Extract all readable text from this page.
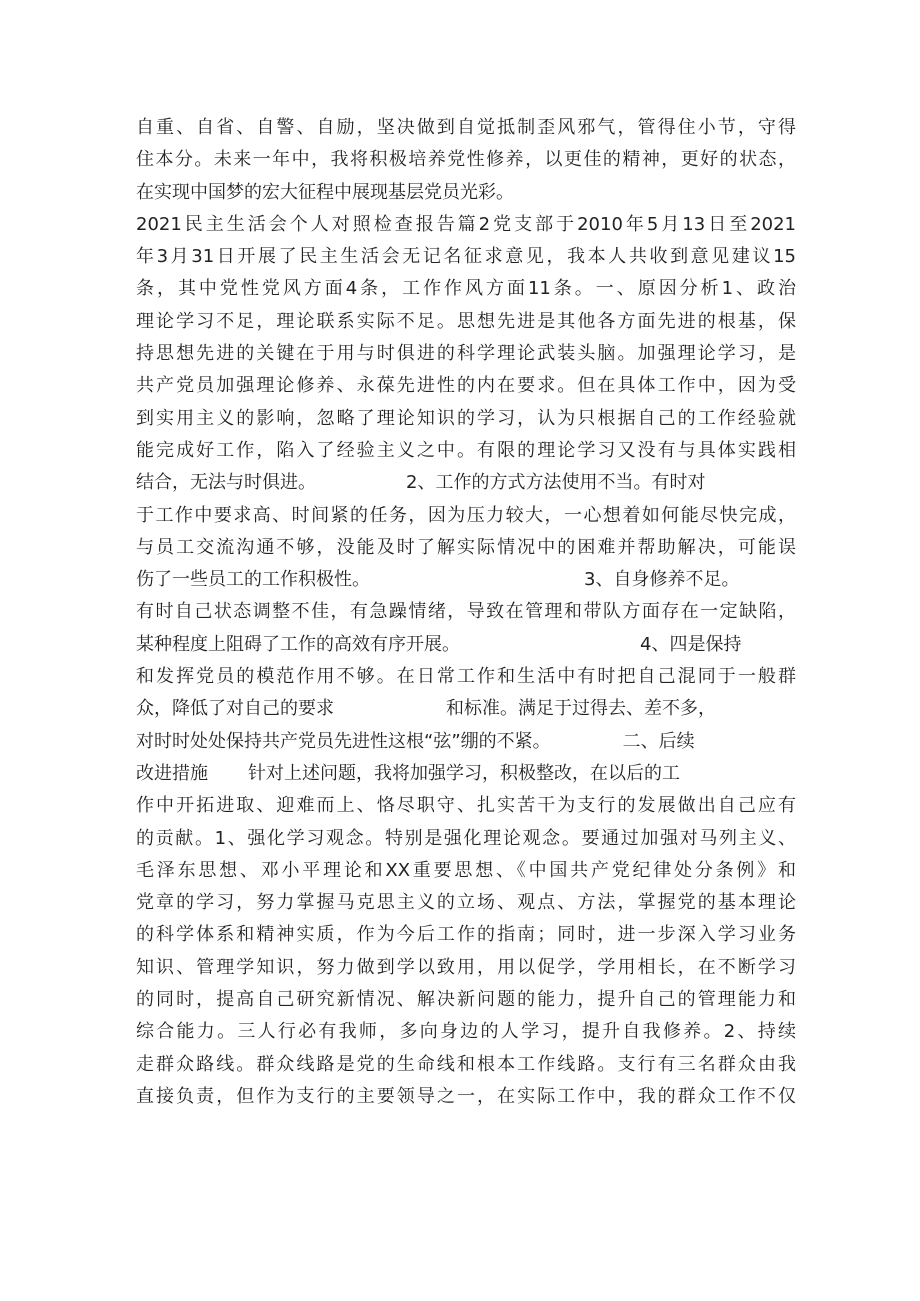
自重、自省、自警、自励，坚决做到自觉抵制歪风邪气，管得住小节，守得
住本分。未来一年中，我将积极培养党性修养，以更佳的精神，更好的状态，
在实现中国梦的宏大征程中展现基层党员光彩。
2021民主生活会个人对照检查报告篇2党支部于2010年5月13日至2021
年3月31日开展了民主生活会无记名征求意见，我本人共收到意见建议15
条，其中党性党风方面4条，工作作风方面11条。一、原因分析1、政治
理论学习不足，理论联系实际不足。思想先进是其他各方面先进的根基，保
持思想先进的关键在于用与时俱进的科学理论武装头脑。加强理论学习，是
共产党员加强理论修养、永葆先进性的内在要求。但在具体工作中，因为受
到实用主义的影响，忽略了理论知识的学习，认为只根据自己的工作经验就
能完成好工作，陷入了经验主义之中。有限的理论学习又没有与具体实践相
结合，无法与时俱进。	2、工作的方式方法使用不当。有时对
于工作中要求高、时间紧的任务，因为压力较大，一心想着如何能尽快完成，
与员工交流沟通不够，没能及时了解实际情况中的困难并帮助解决，可能误
伤了一些员工的工作积极性。	3、自身修养不足。
有时自己状态调整不佳，有急躁情绪，导致在管理和带队方面存在一定缺陷，
某种程度上阻碍了工作的高效有序开展。	4、四是保持
和发挥党员的模范作用不够。在日常工作和生活中有时把自己混同于一般群
众，降低了对自己的要求	和标准。满足于过得去、差不多，
对时时处处保持共产党员先进性这根“弦”绷的不紧。	二、后续
改进措施 针对上述问题，我将加强学习，积极整改，在以后的工
作中开拓进取、迎难而上、恪尽职守、扎实苦干为支行的发展做出自己应有
的贡献。1、强化学习观念。特别是强化理论观念。要通过加强对马列主义、
毛泽东思想、邓小平理论和XX重要思想、《中国共产党纪律处分条例》和
党章的学习，努力掌握马克思主义的立场、观点、方法，掌握党的基本理论
的科学体系和精神实质，作为今后工作的指南；同时，进一步深入学习业务
知识、管理学知识，努力做到学以致用，用以促学，学用相长，在不断学习
的同时，提高自己研究新情况、解决新问题的能力，提升自己的管理能力和
综合能力。三人行必有我师，多向身边的人学习，提升自我修养。2、持续
走群众路线。群众线路是党的生命线和根本工作线路。支行有三名群众由我
直接负责，但作为支行的主要领导之一，在实际工作中，我的群众工作不仅
